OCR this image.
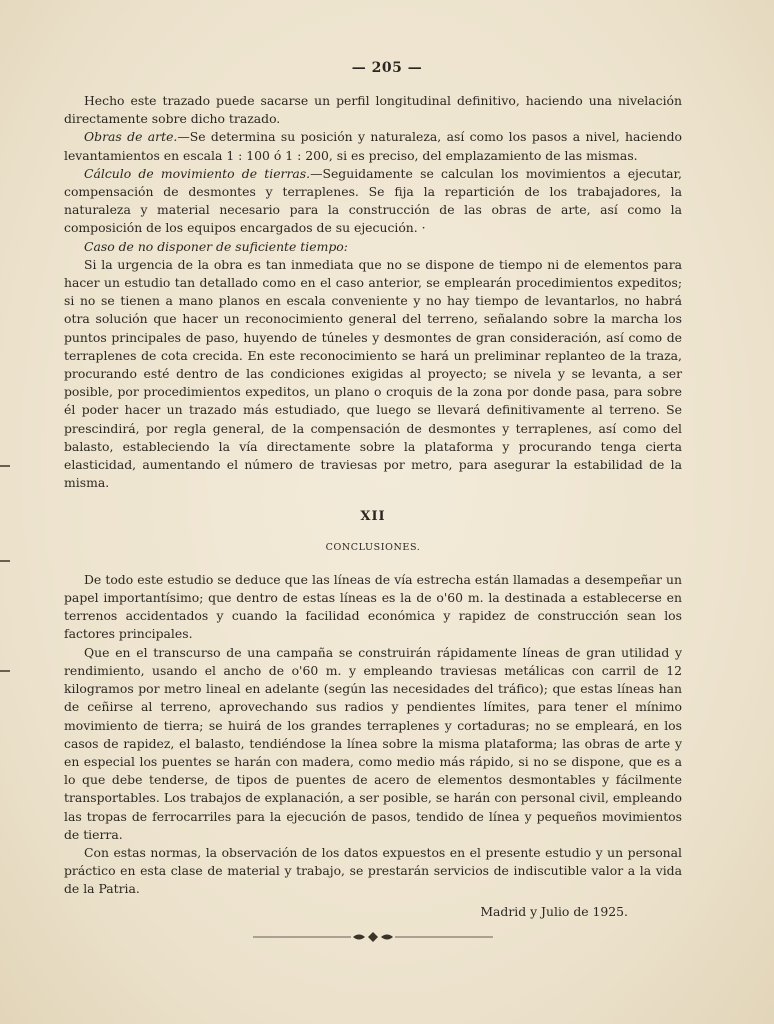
— 205 —

Hecho este trazado puede sacarse un perfil longitudinal definitivo, haciendo una nivelación directamente sobre dicho trazado.

Obras de arte.—Se determina su posición y naturaleza, así como los pasos a nivel, haciendo levantamientos en escala 1 : 100 ó 1 : 200, si es preciso, del emplazamiento de las mismas.

Cálculo de movimiento de tierras.—Seguidamente se calculan los movimientos a ejecutar, compensación de desmontes y terraplenes. Se fija la repartición de los trabajadores, la naturaleza y material necesario para la construcción de las obras de arte, así como la composición de los equipos encargados de su ejecución. ·

Caso de no disponer de suficiente tiempo:

Si la urgencia de la obra es tan inmediata que no se dispone de tiempo ni de elementos para hacer un estudio tan detallado como en el caso anterior, se emplearán procedimientos expeditos; si no se tienen a mano planos en escala conveniente y no hay tiempo de levantarlos, no habrá otra solución que hacer un reconocimiento general del terreno, señalando sobre la marcha los puntos principales de paso, huyendo de túneles y desmontes de gran consideración, así como de terraplenes de cota crecida. En este reconocimiento se hará un preliminar replanteo de la traza, procurando esté dentro de las condiciones exigidas al proyecto; se nivela y se levanta, a ser posible, por procedimientos expeditos, un plano o croquis de la zona por donde pasa, para sobre él poder hacer un trazado más estudiado, que luego se llevará definitivamente al terreno. Se prescindirá, por regla general, de la compensación de desmontes y terraplenes, así como del balasto, estableciendo la vía directamente sobre la plataforma y procurando tenga cierta elasticidad, aumentando el número de traviesas por metro, para asegurar la estabilidad de la misma.

XII
CONCLUSIONES.

De todo este estudio se deduce que las líneas de vía estrecha están llamadas a desempeñar un papel importantísimo; que dentro de estas líneas es la de o'60 m. la destinada a establecerse en terrenos accidentados y cuando la facilidad económica y rapidez de construcción sean los factores principales.

Que en el transcurso de una campaña se construirán rápidamente líneas de gran utilidad y rendimiento, usando el ancho de o'60 m. y empleando traviesas metálicas con carril de 12 kilogramos por metro lineal en adelante (según las necesidades del tráfico); que estas líneas han de ceñirse al terreno, aprovechando sus radios y pendientes límites, para tener el mínimo movimiento de tierra; se huirá de los grandes terraplenes y cortaduras; no se empleará, en los casos de rapidez, el balasto, tendiéndose la línea sobre la misma plataforma; las obras de arte y en especial los puentes se harán con madera, como medio más rápido, si no se dispone, que es a lo que debe tenderse, de tipos de puentes de acero de elementos desmontables y fácilmente transportables. Los trabajos de explanación, a ser posible, se harán con personal civil, empleando las tropas de ferrocarriles para la ejecución de pasos, tendido de línea y pequeños movimientos de tierra.

Con estas normas, la observación de los datos expuestos en el presente estudio y un personal práctico en esta clase de material y trabajo, se prestarán servicios de indiscutible valor a la vida de la Patria.

Madrid y Julio de 1925.
